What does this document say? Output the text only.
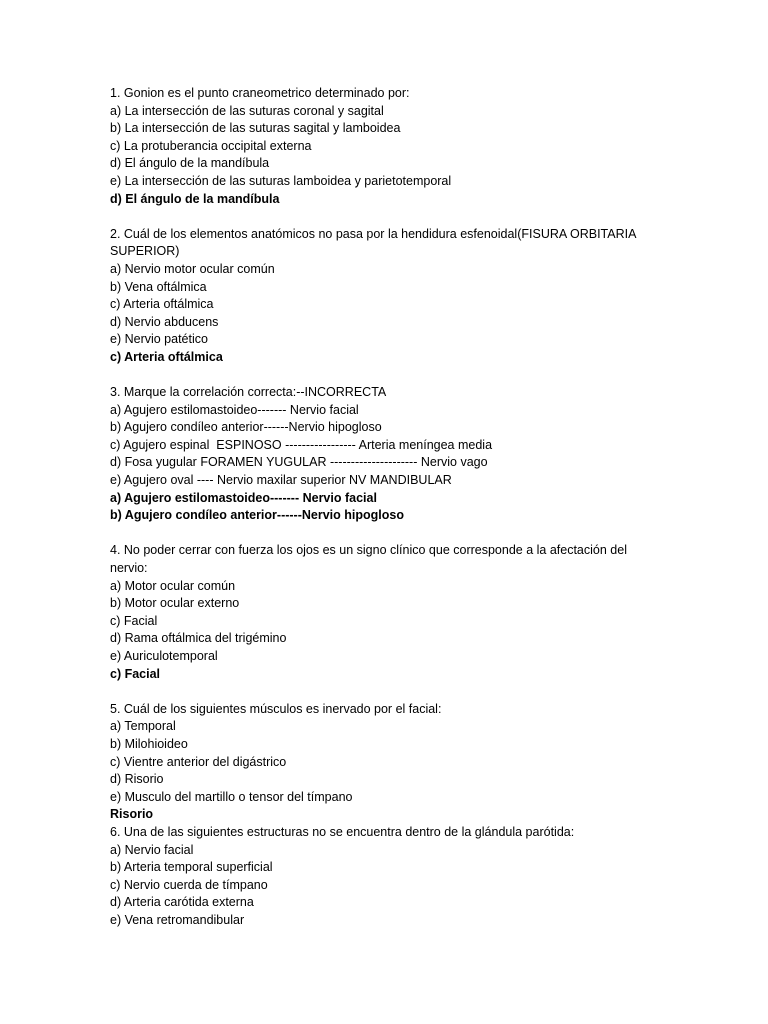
1. Gonion es el punto craneometrico determinado por:

a) La intersección de las suturas coronal y sagital

b) La intersección de las suturas sagital y lamboidea

c) La protuberancia occipital externa

d) El ángulo de la mandíbula

e) La intersección de las suturas lamboidea y parietotemporal

d) El ángulo de la mandíbula

2. Cuál de los elementos anatómicos no pasa por la hendidura esfenoidal(FISURA ORBITARIA SUPERIOR)

a) Nervio motor ocular común

b) Vena oftálmica

c) Arteria oftálmica

d) Nervio abducens

e) Nervio patético

c) Arteria oftálmica

3. Marque la correlación correcta:--INCORRECTA

a) Agujero estilomastoideo------- Nervio facial

b) Agujero condíleo anterior------Nervio hipogloso

c) Agujero espinal  ESPINOSO ----------------- Arteria meníngea media

d) Fosa yugular FORAMEN YUGULAR --------------------- Nervio vago

e) Agujero oval ---- Nervio maxilar superior NV MANDIBULAR

a) Agujero estilomastoideo------- Nervio facial

b) Agujero condíleo anterior------Nervio hipogloso

4. No poder cerrar con fuerza los ojos es un signo clínico que corresponde a la afectación del nervio:

a) Motor ocular común

b) Motor ocular externo

c) Facial

d) Rama oftálmica del trigémino

e) Auriculotemporal

c) Facial

5. Cuál de los siguientes músculos es inervado por el facial:

a) Temporal

b) Milohioideo

c) Vientre anterior del digástrico

d) Risorio

e) Musculo del martillo o tensor del tímpano

Risorio

6. Una de las siguientes estructuras no se encuentra dentro de la glándula parótida:

a) Nervio facial

b) Arteria temporal superficial

c) Nervio cuerda de tímpano

d) Arteria carótida externa

e) Vena retromandibular
